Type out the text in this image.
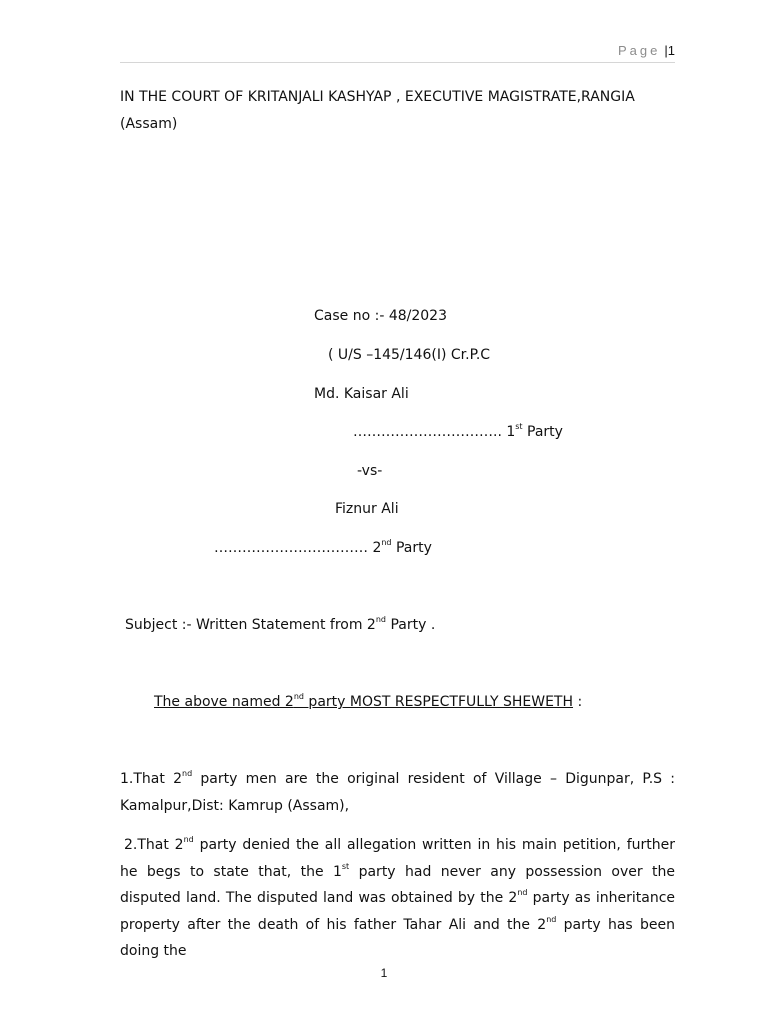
Page |1
IN THE COURT OF KRITANJALI KASHYAP , EXECUTIVE MAGISTRATE,RANGIA
(Assam)
Case no :- 48/2023
( U/S –145/146(I) Cr.P.C
Md. Kaisar Ali
………………………….. 1st Party
-vs-
Fiznur Ali
…………………………… 2nd Party
Subject :- Written Statement from 2nd Party .
The above named 2nd party MOST RESPECTFULLY SHEWETH :
1.That 2nd party men are the original resident of Village – Digunpar, P.S : Kamalpur,Dist: Kamrup (Assam),
2.That 2nd party denied the all allegation written in his main petition, further he begs to state that, the 1st party had never any possession over the disputed land. The disputed land was obtained by the 2nd party as inheritance property after the death of his father Tahar Ali and the 2nd party has been doing the
1
